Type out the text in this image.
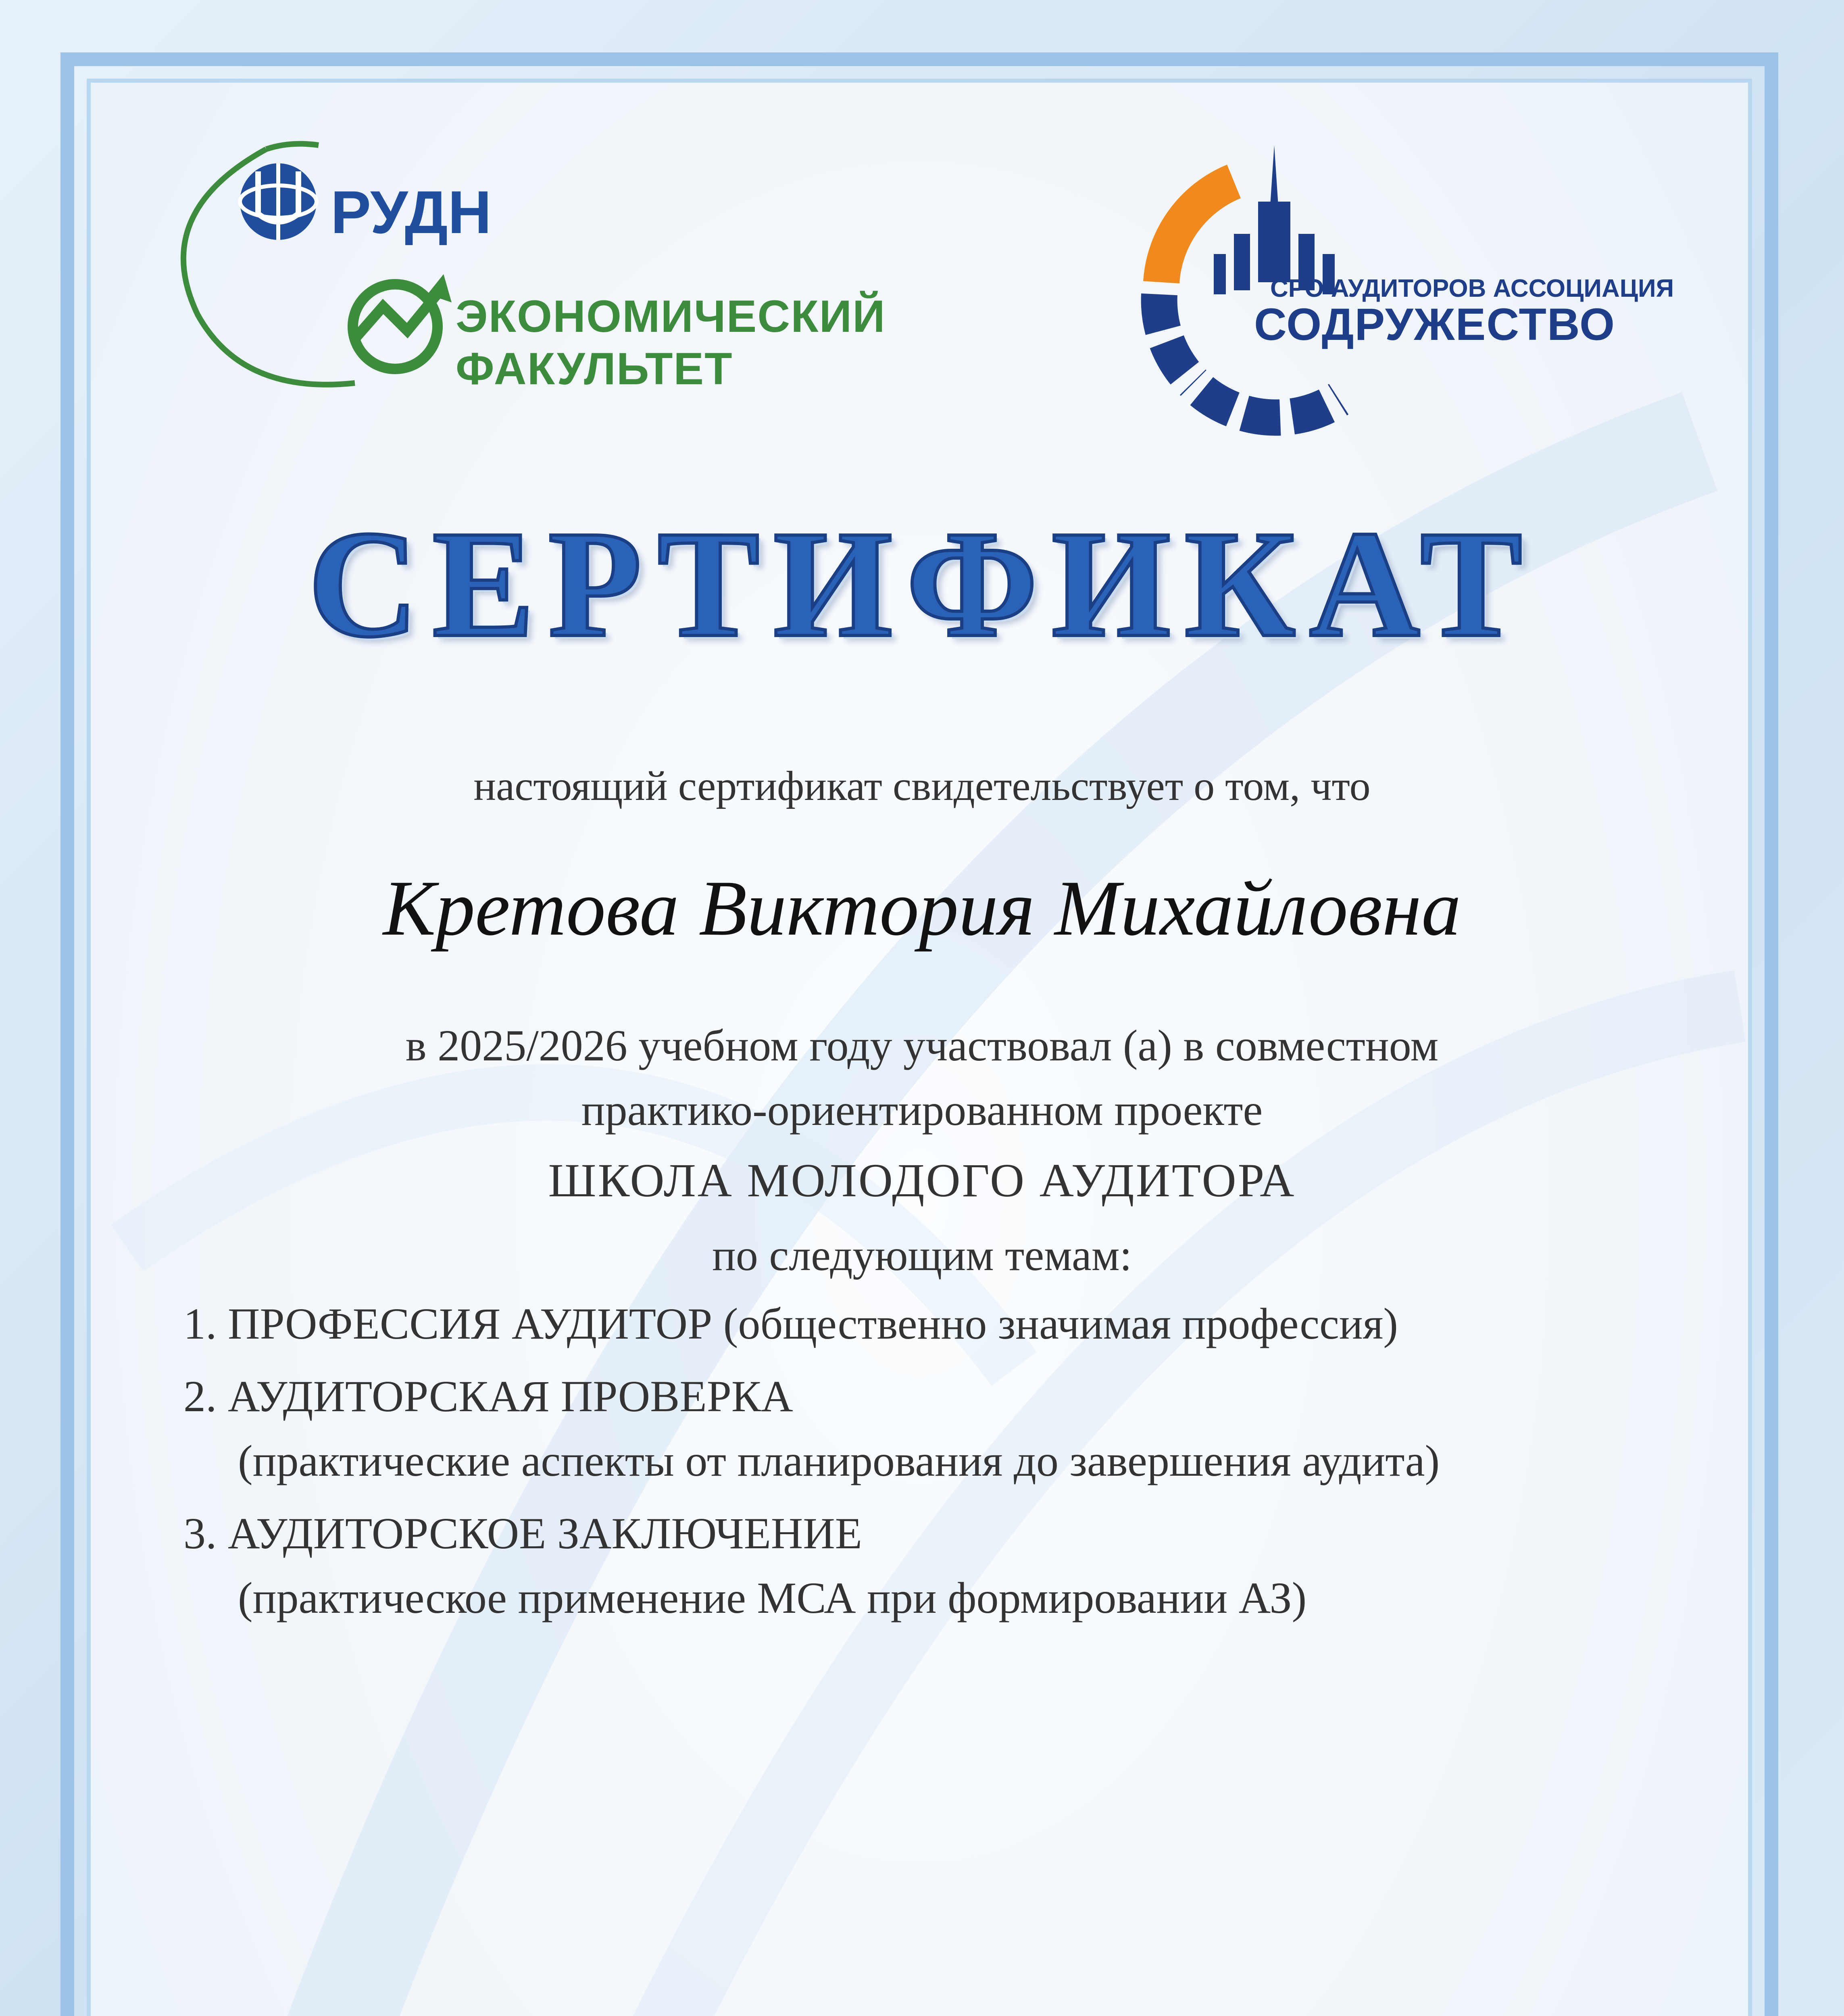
РУДН
ЭКОНОМИЧЕСКИЙ
ФАКУЛЬТЕТ
СРО АУДИТОРОВ АССОЦИАЦИЯ
СОДРУЖЕСТВО
СЕРТИФИКАТ
настоящий сертификат свидетельствует о том, что
Кретова Виктория Михайловна
в 2025/2026 учебном году участвовал (а) в совместном
практико-ориентированном проекте
ШКОЛА МОЛОДОГО АУДИТОРА
по следующим темам:
1. ПРОФЕССИЯ АУДИТОР (общественно значимая профессия)
2. АУДИТОРСКАЯ ПРОВЕРКА
(практические аспекты от планирования до завершения аудита)
3. АУДИТОРСКОЕ ЗАКЛЮЧЕНИЕ
(практическое применение МСА при формировании АЗ)
